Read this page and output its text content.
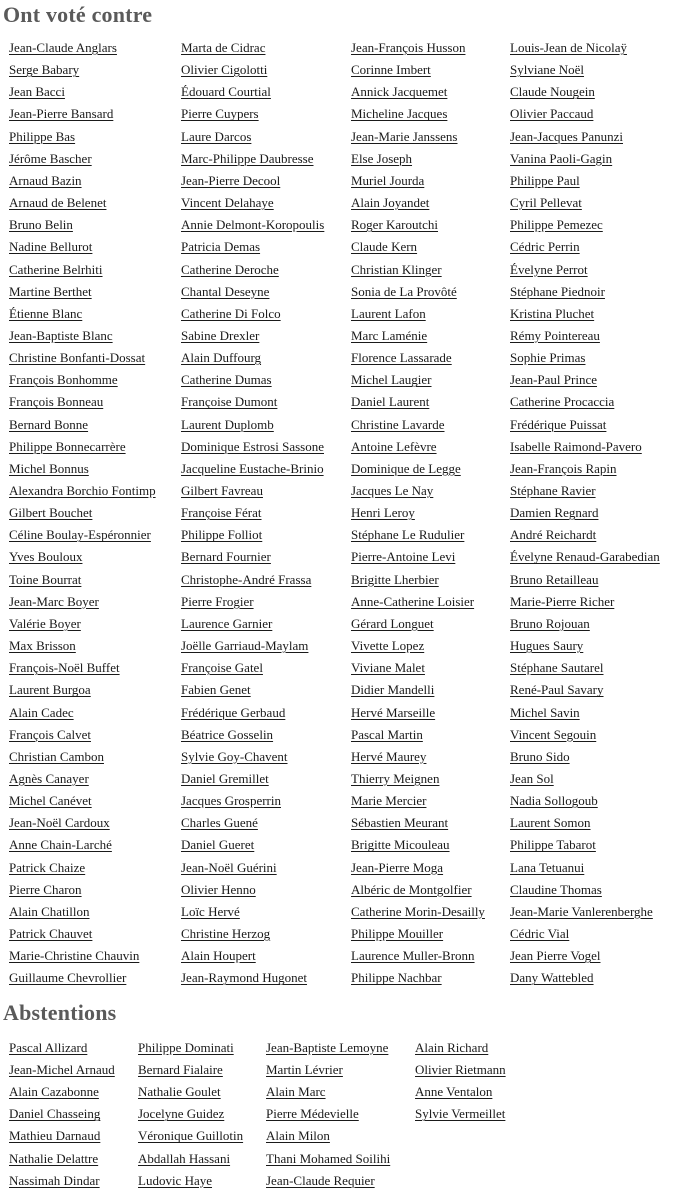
Ont voté contre
Jean-Claude Anglars
Serge Babary
Jean Bacci
Jean-Pierre Bansard
Philippe Bas
Jérôme Bascher
Arnaud Bazin
Arnaud de Belenet
Bruno Belin
Nadine Bellurot
Catherine Belrhiti
Martine Berthet
Étienne Blanc
Jean-Baptiste Blanc
Christine Bonfanti-Dossat
François Bonhomme
François Bonneau
Bernard Bonne
Philippe Bonnecarrère
Michel Bonnus
Alexandra Borchio Fontimp
Gilbert Bouchet
Céline Boulay-Espéronnier
Yves Bouloux
Toine Bourrat
Jean-Marc Boyer
Valérie Boyer
Max Brisson
François-Noël Buffet
Laurent Burgoa
Alain Cadec
François Calvet
Christian Cambon
Agnès Canayer
Michel Canévet
Jean-Noël Cardoux
Anne Chain-Larché
Patrick Chaize
Pierre Charon
Alain Chatillon
Patrick Chauvet
Marie-Christine Chauvin
Guillaume Chevrollier
Marta de Cidrac
Olivier Cigolotti
Édouard Courtial
Pierre Cuypers
Laure Darcos
Marc-Philippe Daubresse
Jean-Pierre Decool
Vincent Delahaye
Annie Delmont-Koropoulis
Patricia Demas
Catherine Deroche
Chantal Deseyne
Catherine Di Folco
Sabine Drexler
Alain Duffourg
Catherine Dumas
Françoise Dumont
Laurent Duplomb
Dominique Estrosi Sassone
Jacqueline Eustache-Brinio
Gilbert Favreau
Françoise Férat
Philippe Folliot
Bernard Fournier
Christophe-André Frassa
Pierre Frogier
Laurence Garnier
Joëlle Garriaud-Maylam
Françoise Gatel
Fabien Genet
Frédérique Gerbaud
Béatrice Gosselin
Sylvie Goy-Chavent
Daniel Gremillet
Jacques Grosperrin
Charles Guené
Daniel Gueret
Jean-Noël Guérini
Olivier Henno
Loïc Hervé
Christine Herzog
Alain Houpert
Jean-Raymond Hugonet
Jean-François Husson
Corinne Imbert
Annick Jacquemet
Micheline Jacques
Jean-Marie Janssens
Else Joseph
Muriel Jourda
Alain Joyandet
Roger Karoutchi
Claude Kern
Christian Klinger
Sonia de La Provôté
Laurent Lafon
Marc Laménie
Florence Lassarade
Michel Laugier
Daniel Laurent
Christine Lavarde
Antoine Lefèvre
Dominique de Legge
Jacques Le Nay
Henri Leroy
Stéphane Le Rudulier
Pierre-Antoine Levi
Brigitte Lherbier
Anne-Catherine Loisier
Gérard Longuet
Vivette Lopez
Viviane Malet
Didier Mandelli
Hervé Marseille
Pascal Martin
Hervé Maurey
Thierry Meignen
Marie Mercier
Sébastien Meurant
Brigitte Micouleau
Jean-Pierre Moga
Albéric de Montgolfier
Catherine Morin-Desailly
Philippe Mouiller
Laurence Muller-Bronn
Philippe Nachbar
Louis-Jean de Nicolaÿ
Sylviane Noël
Claude Nougein
Olivier Paccaud
Jean-Jacques Panunzi
Vanina Paoli-Gagin
Philippe Paul
Cyril Pellevat
Philippe Pemezec
Cédric Perrin
Évelyne Perrot
Stéphane Piednoir
Kristina Pluchet
Rémy Pointereau
Sophie Primas
Jean-Paul Prince
Catherine Procaccia
Frédérique Puissat
Isabelle Raimond-Pavero
Jean-François Rapin
Stéphane Ravier
Damien Regnard
André Reichardt
Évelyne Renaud-Garabedian
Bruno Retailleau
Marie-Pierre Richer
Bruno Rojouan
Hugues Saury
Stéphane Sautarel
René-Paul Savary
Michel Savin
Vincent Segouin
Bruno Sido
Jean Sol
Nadia Sollogoub
Laurent Somon
Philippe Tabarot
Lana Tetuanui
Claudine Thomas
Jean-Marie Vanlerenberghe
Cédric Vial
Jean Pierre Vogel
Dany Wattebled
Abstentions
Pascal Allizard
Jean-Michel Arnaud
Alain Cazabonne
Daniel Chasseing
Mathieu Darnaud
Nathalie Delattre
Nassimah Dindar
Philippe Dominati
Bernard Fialaire
Nathalie Goulet
Jocelyne Guidez
Véronique Guillotin
Abdallah Hassani
Ludovic Haye
Jean-Baptiste Lemoyne
Martin Lévrier
Alain Marc
Pierre Médevielle
Alain Milon
Thani Mohamed Soilihi
Jean-Claude Requier
Alain Richard
Olivier Rietmann
Anne Ventalon
Sylvie Vermeillet
